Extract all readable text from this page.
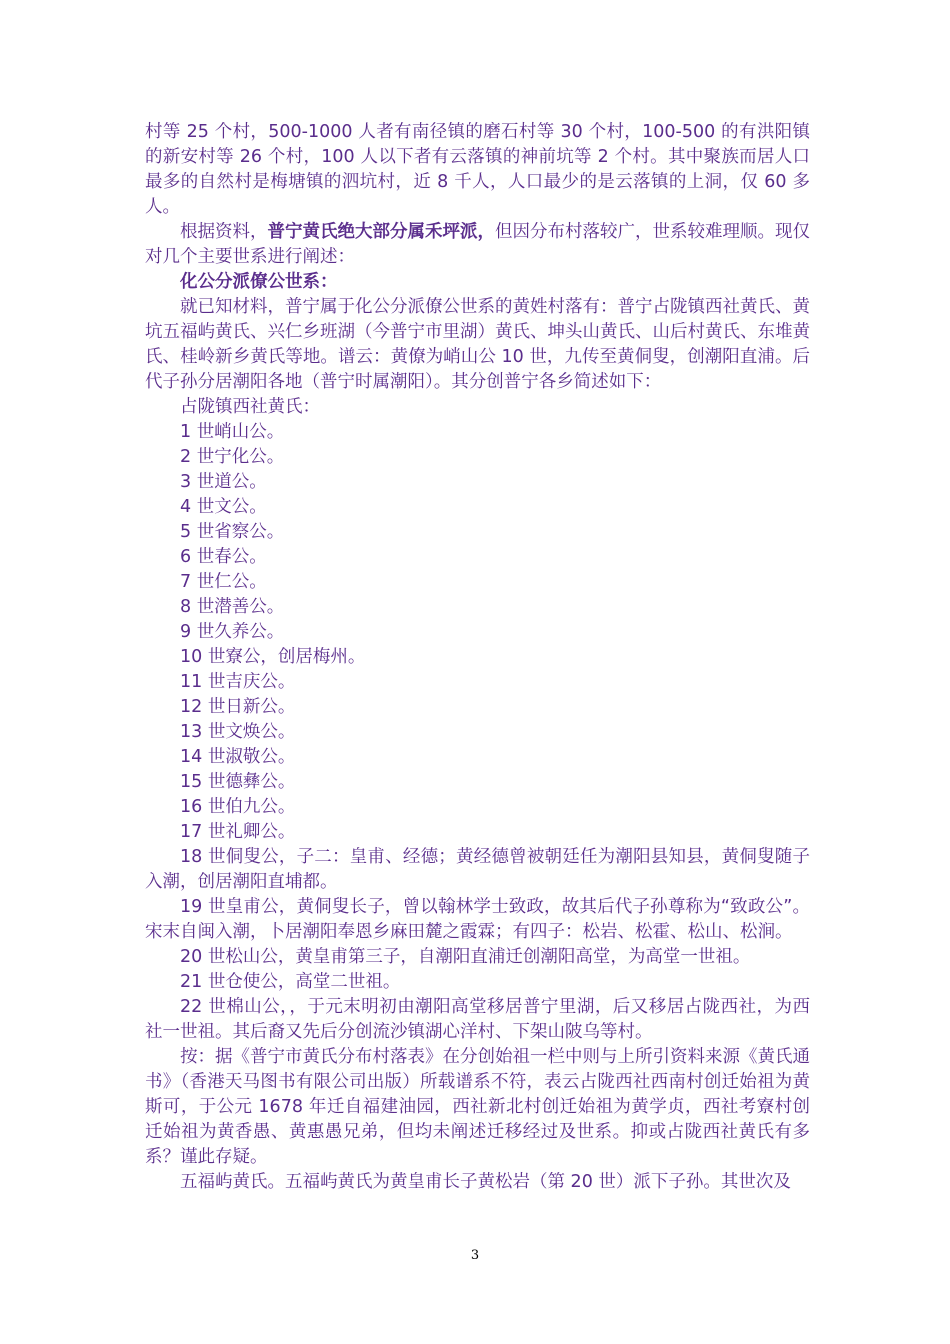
村等 25 个村，500-1000 人者有南径镇的磨石村等 30 个村，100-500 的有洪阳镇的新安村等 26 个村，100 人以下者有云落镇的神前坑等 2 个村。其中聚族而居人口最多的自然村是梅塘镇的泗坑村，近 8 千人，人口最少的是云落镇的上洞，仅 60 多人。

根据资料，普宁黄氏绝大部分属禾坪派，但因分布村落较广，世系较难理顺。现仅对几个主要世系进行阐述：

化公分派僚公世系：

就已知材料，普宁属于化公分派僚公世系的黄姓村落有：普宁占陇镇西社黄氏、黄坑五福屿黄氏、兴仁乡班湖（今普宁市里湖）黄氏、坤头山黄氏、山后村黄氏、东堆黄氏、桂岭新乡黄氏等地。谱云：黄僚为峭山公 10 世，九传至黄侗叟，创潮阳直浦。后代子孙分居潮阳各地（普宁时属潮阳）。其分创普宁各乡简述如下：

占陇镇西社黄氏：

1 世峭山公。

2 世宁化公。

3 世道公。

4 世文公。

5 世省察公。

6 世春公。

7 世仁公。

8 世潜善公。

9 世久养公。

10 世寮公，创居梅州。

11 世吉庆公。

12 世日新公。

13 世文焕公。

14 世淑敬公。

15 世德彝公。

16 世伯九公。

17 世礼卿公。

18 世侗叟公，子二：皇甫、经德；黄经德曾被朝廷任为潮阳县知县，黄侗叟随子入潮，创居潮阳直埔都。

19 世皇甫公，黄侗叟长子，曾以翰林学士致政，故其后代子孙尊称为“致政公”。宋末自闽入潮，卜居潮阳奉恩乡麻田麓之霞霖；有四子：松岩、松霍、松山、松涧。

20 世松山公，黄皇甫第三子，自潮阳直浦迁创潮阳高堂，为高堂一世祖。

21 世仓使公，高堂二世祖。

22 世棉山公，，于元末明初由潮阳高堂移居普宁里湖，后又移居占陇西社，为西社一世祖。其后裔又先后分创流沙镇湖心洋村、下架山陂乌等村。

按：据《普宁市黄氏分布村落表》在分创始祖一栏中则与上所引资料来源《黄氏通书》（香港天马图书有限公司出版）所载谱系不符，表云占陇西社西南村创迁始祖为黄斯可，于公元 1678 年迁自福建油园，西社新北村创迁始祖为黄学贞，西社考寮村创迁始祖为黄香愚、黄惠愚兄弟，但均未阐述迁移经过及世系。抑或占陇西社黄氏有多系？谨此存疑。

五福屿黄氏。五福屿黄氏为黄皇甫长子黄松岩（第 20 世）派下子孙。其世次及

3
